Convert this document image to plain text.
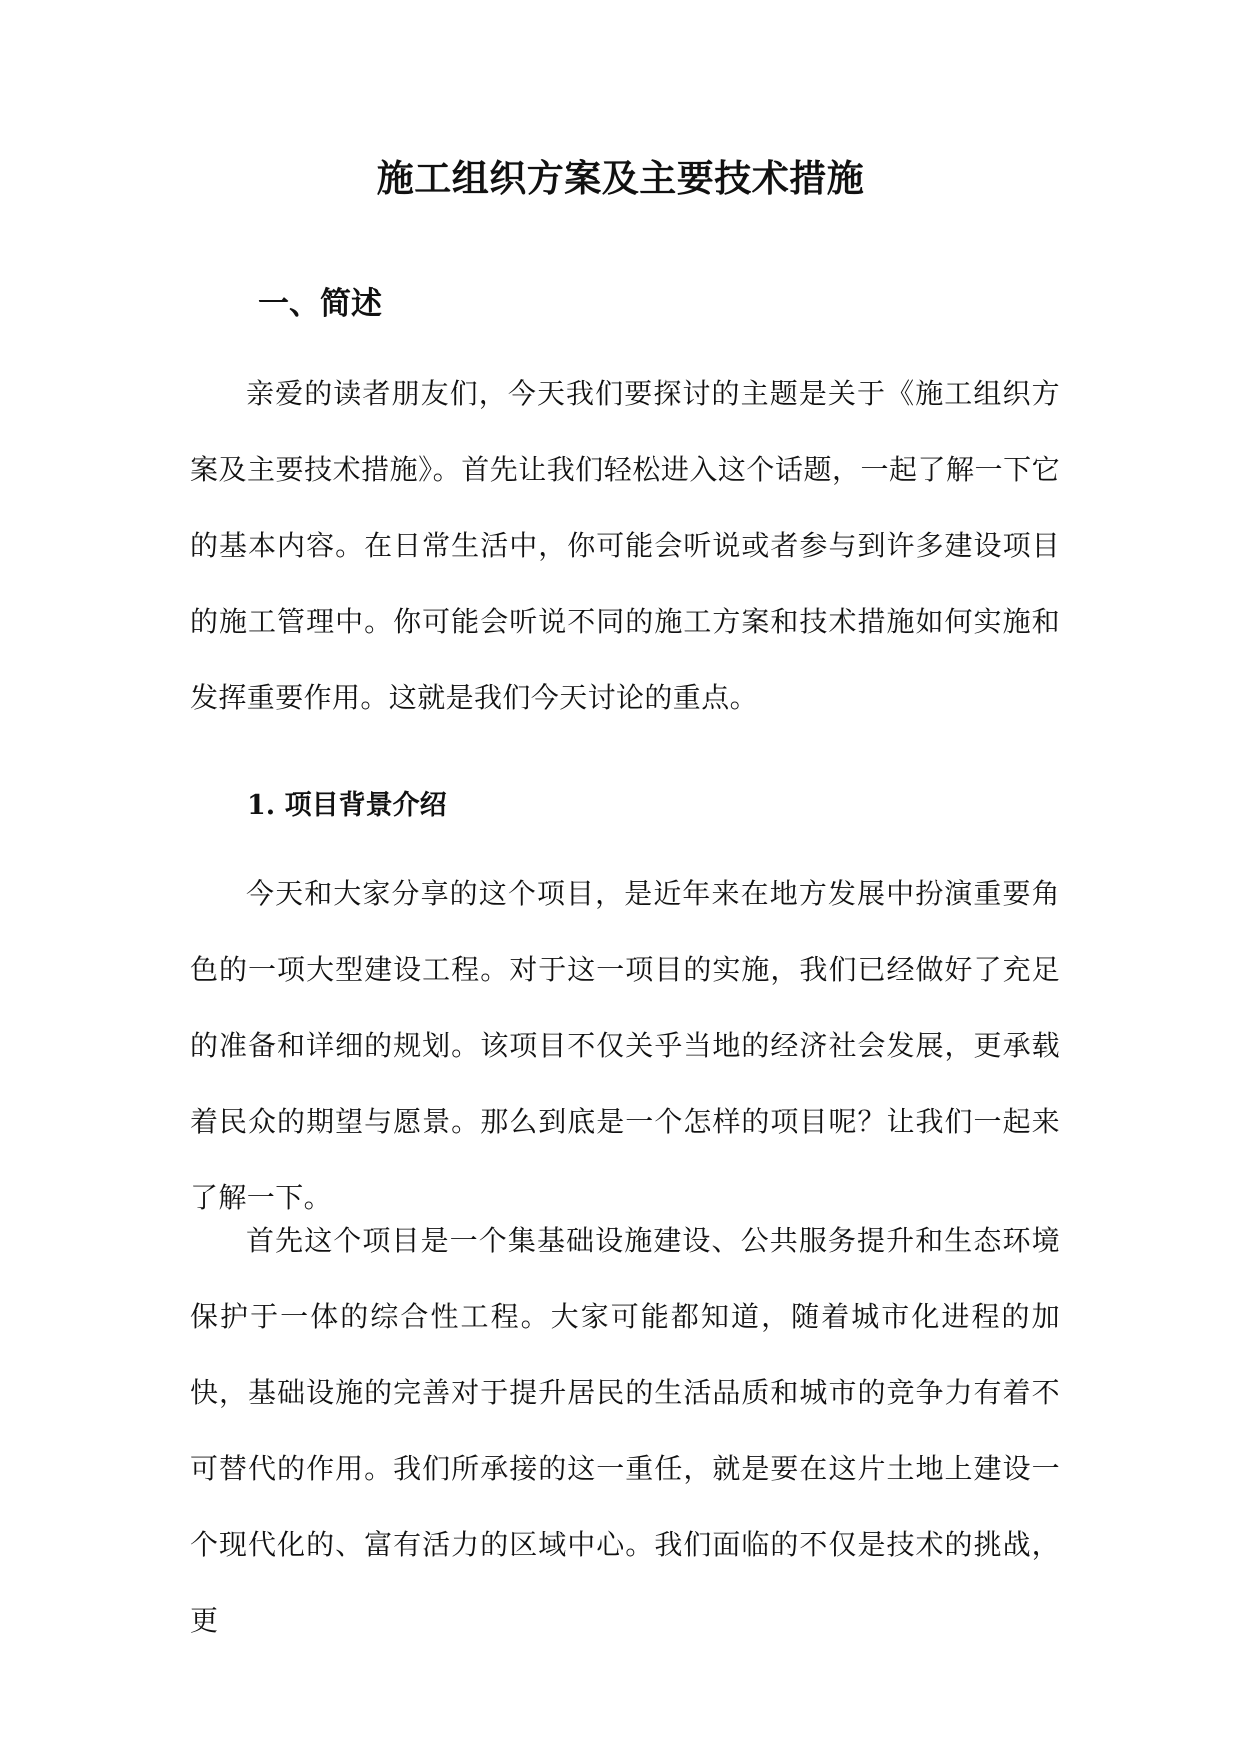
施工组织方案及主要技术措施
一、简述

亲爱的读者朋友们，今天我们要探讨的主题是关于《施工组织方案及主要技术措施》。首先让我们轻松进入这个话题，一起了解一下它的基本内容。在日常生活中，你可能会听说或者参与到许多建设项目的施工管理中。你可能会听说不同的施工方案和技术措施如何实施和发挥重要作用。这就是我们今天讨论的重点。

1. 项目背景介绍

今天和大家分享的这个项目，是近年来在地方发展中扮演重要角色的一项大型建设工程。对于这一项目的实施，我们已经做好了充足的准备和详细的规划。该项目不仅关乎当地的经济社会发展，更承载着民众的期望与愿景。那么到底是一个怎样的项目呢？让我们一起来了解一下。

首先这个项目是一个集基础设施建设、公共服务提升和生态环境保护于一体的综合性工程。大家可能都知道，随着城市化进程的加快，基础设施的完善对于提升居民的生活品质和城市的竞争力有着不可替代的作用。我们所承接的这一重任，就是要在这片土地上建设一个现代化的、富有活力的区域中心。我们面临的不仅是技术的挑战，更
